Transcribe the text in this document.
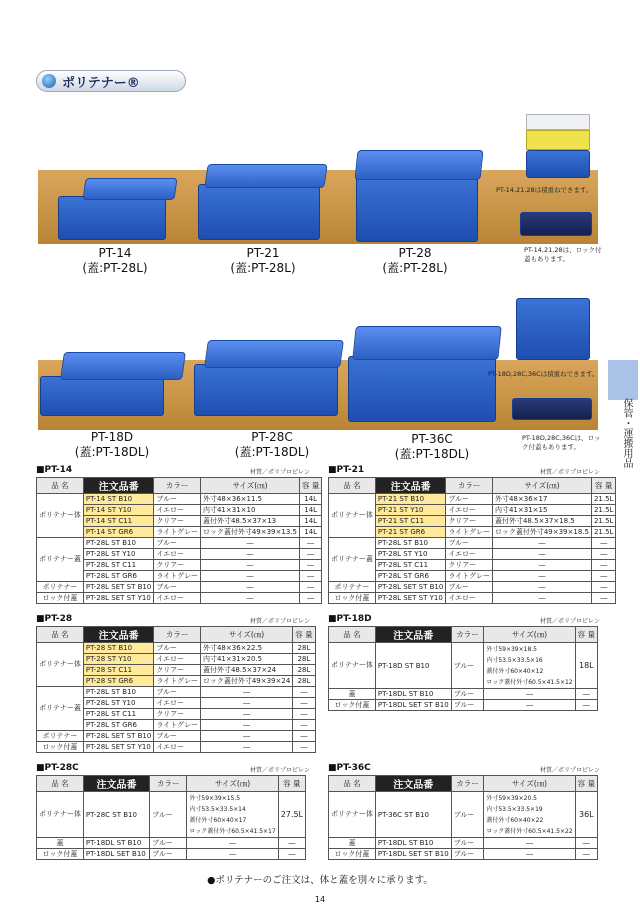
ポリテナー®
PT-14
(蓋:PT-28L)
PT-21
(蓋:PT-28L)
PT-28
(蓋:PT-28L)
PT-14,21,28は積重ねできます。
PT-14,21,28は、ロック付蓋もあります。
PT-18D
(蓋:PT-18DL)
PT-28C
(蓋:PT-18DL)
PT-36C
(蓋:PT-18DL)
PT-18D,28C,36Cは積重ねできます。
PT-18D,28C,36Cは、ロック付蓋もあります。	保管・運搬用品
■PT-14	材質／ポリプロピレン
品 名	注文品番	カラー	サイズ(㎝)	容 量
ポリテナー体	PT-14 ST B10	ブルー	外寸48×36×11.5	14L
	PT-14 ST Y10	イエロー	内寸41×31×10	14L
	PT-14 ST C11	クリアー	蓋付外寸48.5×37×13	14L
	PT-14 ST GR6	ライトグレー	ロック蓋付外寸49×39×13.5	14L
ポリテナー蓋	PT-28L ST B10	ブルー	―	―
	PT-28L ST Y10	イエロー	―	―
	PT-28L ST C11	クリアー	―	―
	PT-28L ST GR6	ライトグレー	―	―
ポリテナー	PT-28L SET ST B10	ブルー	―	―
ロック付蓋	PT-28L SET ST Y10	イエロー	―	―
■PT-21	材質／ポリプロピレン
品 名	注文品番	カラー	サイズ(㎝)	容 量
ポリテナー体	PT-21 ST B10	ブルー	外寸48×36×17	21.5L
	PT-21 ST Y10	イエロー	内寸41×31×15	21.5L
	PT-21 ST C11	クリアー	蓋付外寸48.5×37×18.5	21.5L
	PT-21 ST GR6	ライトグレー	ロック蓋付外寸49×39×18.5	21.5L
ポリテナー蓋	PT-28L ST B10	ブルー	―	―
	PT-28L ST Y10	イエロー	―	―
	PT-28L ST C11	クリアー	―	―
	PT-28L ST GR6	ライトグレー	―	―
ポリテナー	PT-28L SET ST B10	ブルー	―	―
ロック付蓋	PT-28L SET ST Y10	イエロー	―	―
■PT-28	材質／ポリプロピレン
品 名	注文品番	カラー	サイズ(㎝)	容 量
ポリテナー体	PT-28 ST B10	ブルー	外寸48×36×22.5	28L
	PT-28 ST Y10	イエロー	内寸41×31×20.5	28L
	PT-28 ST C11	クリアー	蓋付外寸48.5×37×24	28L
	PT-28 ST GR6	ライトグレー	ロック蓋付外寸49×39×24	28L
ポリテナー蓋	PT-28L ST B10	ブルー	―	―
	PT-28L ST Y10	イエロー	―	―
	PT-28L ST C11	クリアー	―	―
	PT-28L ST GR6	ライトグレー	―	―
ポリテナー	PT-28L SET ST B10	ブルー	―	―
ロック付蓋	PT-28L SET ST Y10	イエロー	―	―
■PT-18D	材質／ポリプロピレン
品 名	注文品番	カラー	サイズ(㎝)	容 量
ポリテナー体	PT-18D ST B10	ブルー	外寸59×39×18.5
内寸53.5×33.5×16
蓋付外寸60×40×12
ロック蓋付外寸60.5×41.5×12	18L
蓋	PT-18DL ST B10	ブルー	―	―
ロック付蓋	PT-18DL SET ST B10	ブルー	―	―
■PT-28C	材質／ポリプロピレン
品 名	注文品番	カラー	サイズ(㎝)	容 量
ポリテナー体	PT-28C ST B10	ブルー	外寸59×39×15.5
内寸53.5×33.5×14
蓋付外寸60×40×17
ロック蓋付外寸60.5×41.5×17	27.5L
蓋	PT-18DL ST B10	ブルー	―	―
ロック付蓋	PT-18DL SET B10	ブルー	―	―
■PT-36C	材質／ポリプロピレン
品 名	注文品番	カラー	サイズ(㎝)	容 量
ポリテナー体	PT-36C ST B10	ブルー	外寸59×39×20.5
内寸53.5×33.5×19
蓋付外寸60×40×22
ロック蓋付外寸60.5×41.5×22	36L
蓋	PT-18DL ST B10	ブルー	―	―
ロック付蓋	PT-18DL SET ST B10	ブルー	―	―
●ポリテナーのご注文は、体と蓋を別々に承ります。
14
